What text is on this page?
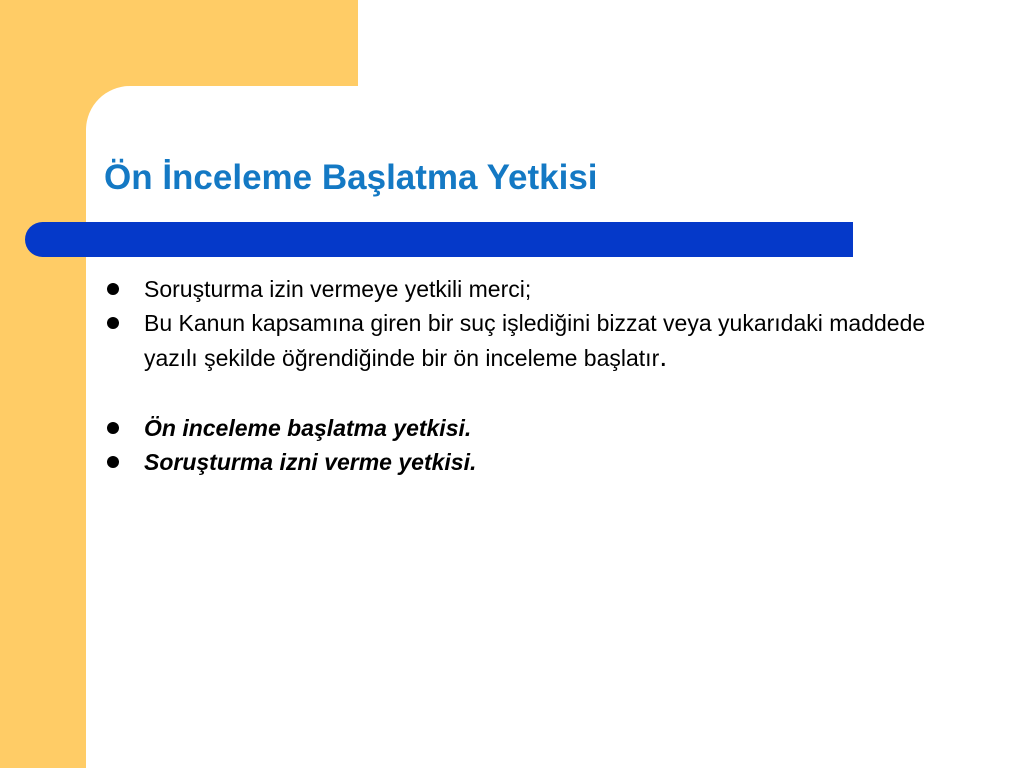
Ön İnceleme Başlatma Yetkisi
Soruşturma izin vermeye yetkili merci;
Bu Kanun kapsamına giren bir suç işlediğini bizzat veya yukarıdaki maddede yazılı şekilde öğrendiğinde bir ön inceleme başlatır.
Ön inceleme başlatma yetkisi.
Soruşturma izni verme yetkisi.
